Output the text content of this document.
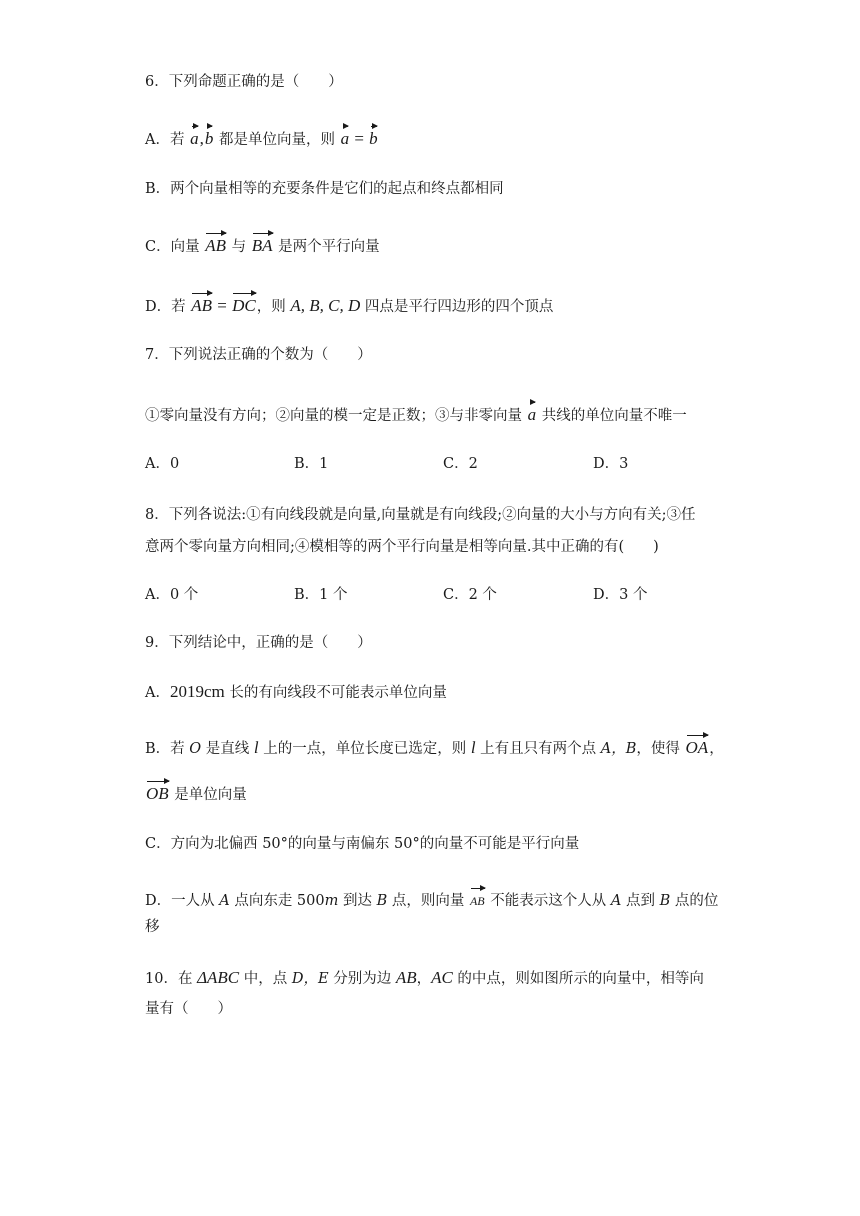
6．下列命题正确的是（　　）
A．若
a,
b 都是单位向量，则
a =
b
B．两个向量相等的充要条件是它们的起点和终点都相同
C．向量
AB 与
BA 是两个平行向量
D．若
AB =
DC，则 A, B, C, D 四点是平行四边形的四个顶点
7．下列说法正确的个数为（　　）
①零向量没有方向；②向量的模一定是正数；③与非零向量
a 共线的单位向量不唯一
A．0	B．1	C．2	D．3
8．下列各说法:①有向线段就是向量,向量就是有向线段;②向量的大小与方向有关;③任
意两个零向量方向相同;④模相等的两个平行向量是相等向量.其中正确的有(　　)
A．0 个	B．1 个	C．2 个	D．3 个
9．下列结论中，正确的是（　　）
A．2019cm 长的有向线段不可能表示单位向量
B．若 O 是直线 l 上的一点，单位长度已选定，则 l 上有且只有两个点 A，B，使得
OA，
OB 是单位向量
C．方向为北偏西 50°的向量与南偏东 50°的向量不可能是平行向量
D．一人从 A 点向东走 500m 到达 B 点，则向量
AB 不能表示这个人从 A 点到 B 点的位
移
10．在 ΔABC 中，点 D，E 分别为边 AB，AC 的中点，则如图所示的向量中，相等向
量有（　　）
